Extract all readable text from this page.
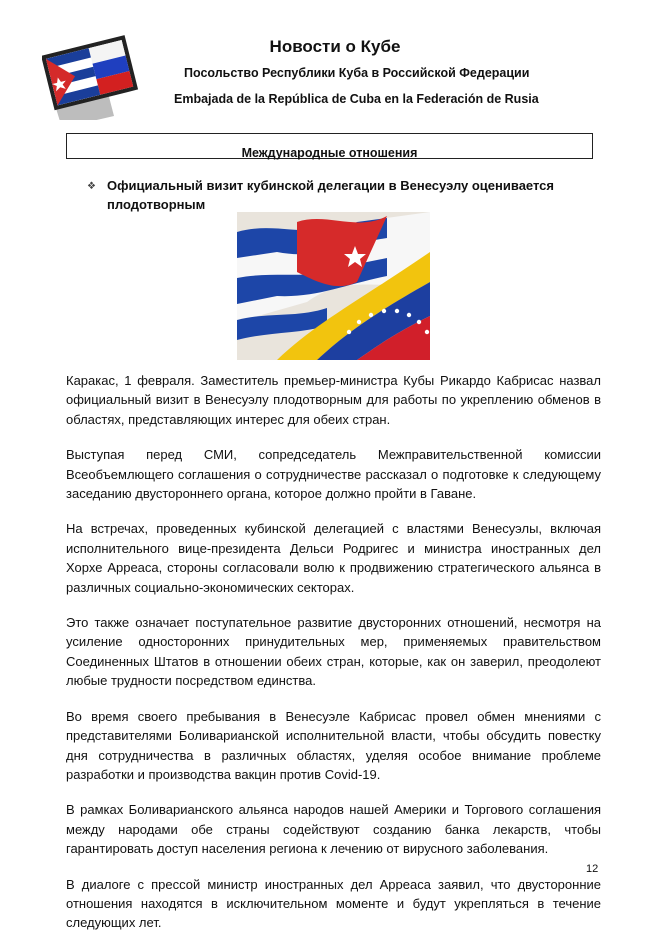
Новости о Кубе
Посольство Республики Куба в Российской Федерации
Embajada de la República de Cuba en la Federación de Rusia
Международные отношения
❖ Официальный визит кубинской делегации в Венесуэлу оценивается плодотворным

Каракас, 1 февраля. Заместитель премьер-министра Кубы Рикардо Кабрисас назвал официальный визит в Венесуэлу плодотворным для работы по укреплению обменов в областях, представляющих интерес для обеих стран.

Выступая перед СМИ, сопредседатель Межправительственной комиссии Всеобъемлющего соглашения о сотрудничестве рассказал о подготовке к следующему заседанию двустороннего органа, которое должно пройти в Гаване.

На встречах, проведенных кубинской делегацией с властями Венесуэлы, включая исполнительного вице-президента Дельси Родригес и министра иностранных дел Хорхе Арреаса, стороны согласовали волю к продвижению стратегического альянса в различных социально-экономических секторах.

Это также означает поступательное развитие двусторонних отношений, несмотря на усиление односторонних принудительных мер, применяемых правительством Соединенных Штатов в отношении обеих стран, которые, как он заверил, преодолеют любые трудности посредством единства.

Во время своего пребывания в Венесуэле Кабрисас провел обмен мнениями с представителями Боливарианской исполнительной власти, чтобы обсудить повестку дня сотрудничества в различных областях, уделяя особое внимание проблеме разработки и производства вакцин против Covid-19.

В рамках Боливарианского альянса народов нашей Америки и Торгового соглашения между народами обе страны содействуют созданию банка лекарств, чтобы гарантировать доступ населения региона к лечению от вирусного заболевания.

В диалоге с прессой министр иностранных дел Арреаса заявил, что двусторонние отношения находятся в исключительном моменте и будут укрепляться в течение следующих лет.

12
